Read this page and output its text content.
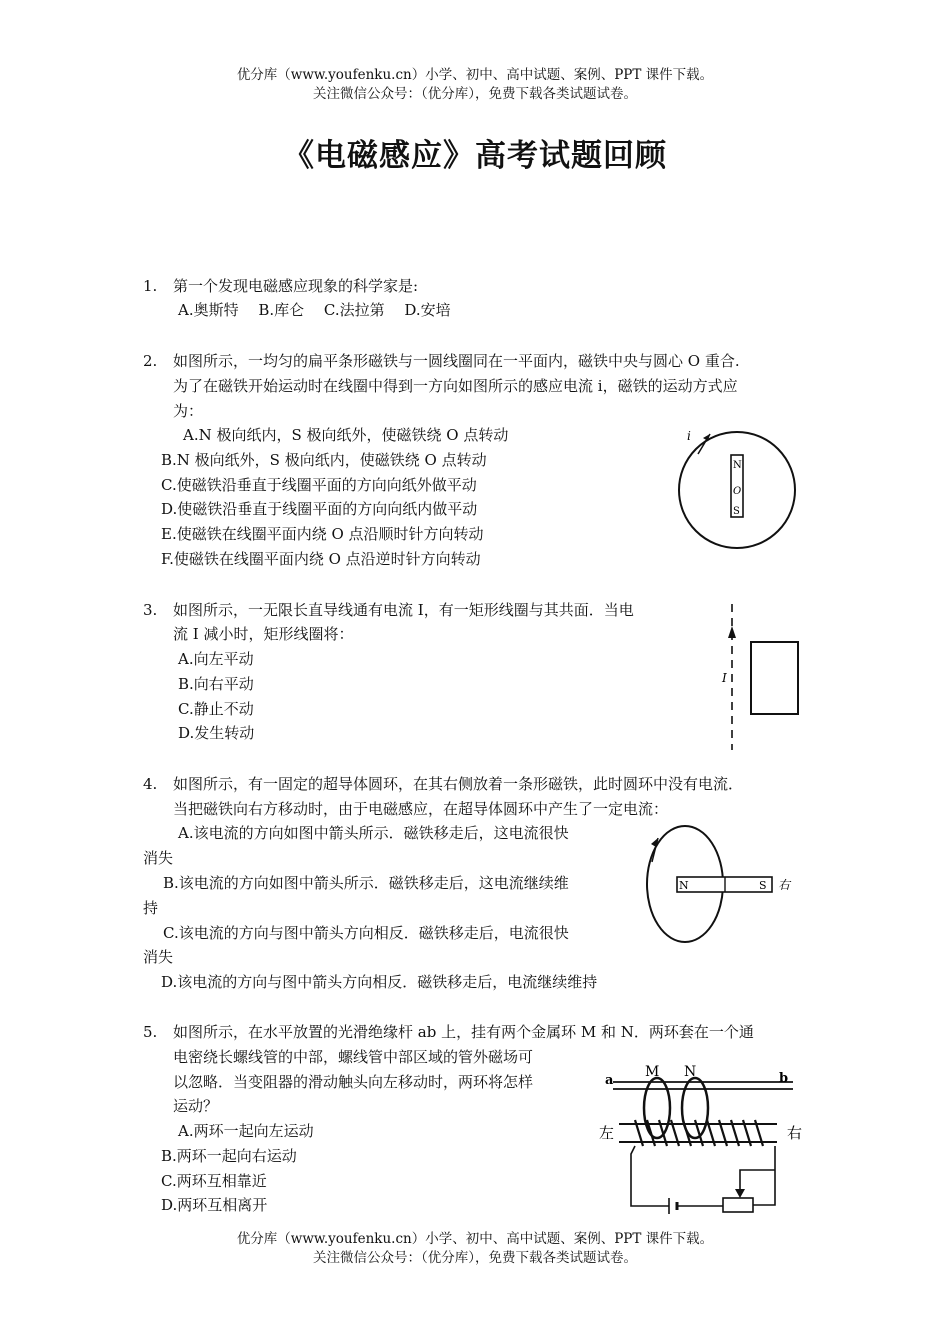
优分库（www.youfenku.cn）小学、初中、高中试题、案例、PPT 课件下载。
关注微信公众号：（优分库），免费下载各类试题试卷。
《电磁感应》高考试题回顾
1. 第一个发现电磁感应现象的科学家是:
A.奥斯特　 B.库仑　 C.法拉第　 D.安培
2. 如图所示，一均匀的扁平条形磁铁与一圆线圈同在一平面内，磁铁中央与圆心 O 重合.
为了在磁铁开始运动时在线圈中得到一方向如图所示的感应电流 i，磁铁的运动方式应
为：
A.N 极向纸内，S 极向纸外，使磁铁绕 O 点转动
B.N 极向纸外，S 极向纸内，使磁铁绕 O 点转动
C.使磁铁沿垂直于线圈平面的方向向纸外做平动
D.使磁铁沿垂直于线圈平面的方向向纸内做平动
E.使磁铁在线圈平面内绕 O 点沿顺时针方向转动
F.使磁铁在线圈平面内绕 O 点沿逆时针方向转动
i
N
O
S
3. 如图所示，一无限长直导线通有电流 I，有一矩形线圈与其共面．当电
流 I 减小时，矩形线圈将：
A.向左平动
B.向右平动
C.静止不动
D.发生转动
I
4. 如图所示，有一固定的超导体圆环，在其右侧放着一条形磁铁，此时圆环中没有电流．
当把磁铁向右方移动时，由于电磁感应，在超导体圆环中产生了一定电流：
A.该电流的方向如图中箭头所示．磁铁移走后，这电流很快
消失
B.该电流的方向如图中箭头所示．磁铁移走后，这电流继续维
持
C.该电流的方向与图中箭头方向相反．磁铁移走后，电流很快
消失
D.该电流的方向与图中箭头方向相反．磁铁移走后，电流继续维持
N	S 右
5. 如图所示，在水平放置的光滑绝缘杆 ab 上，挂有两个金属环 M 和 N．两环套在一个通
电密绕长螺线管的中部，螺线管中部区域的管外磁场可
以忽略．当变阻器的滑动触头向左移动时，两环将怎样
运动？
A.两环一起向左运动
B.两环一起向右运动
C.两环互相靠近
D.两环互相离开
a	b
M N
左	右
优分库（www.youfenku.cn）小学、初中、高中试题、案例、PPT 课件下载。
关注微信公众号：（优分库），免费下载各类试题试卷。
